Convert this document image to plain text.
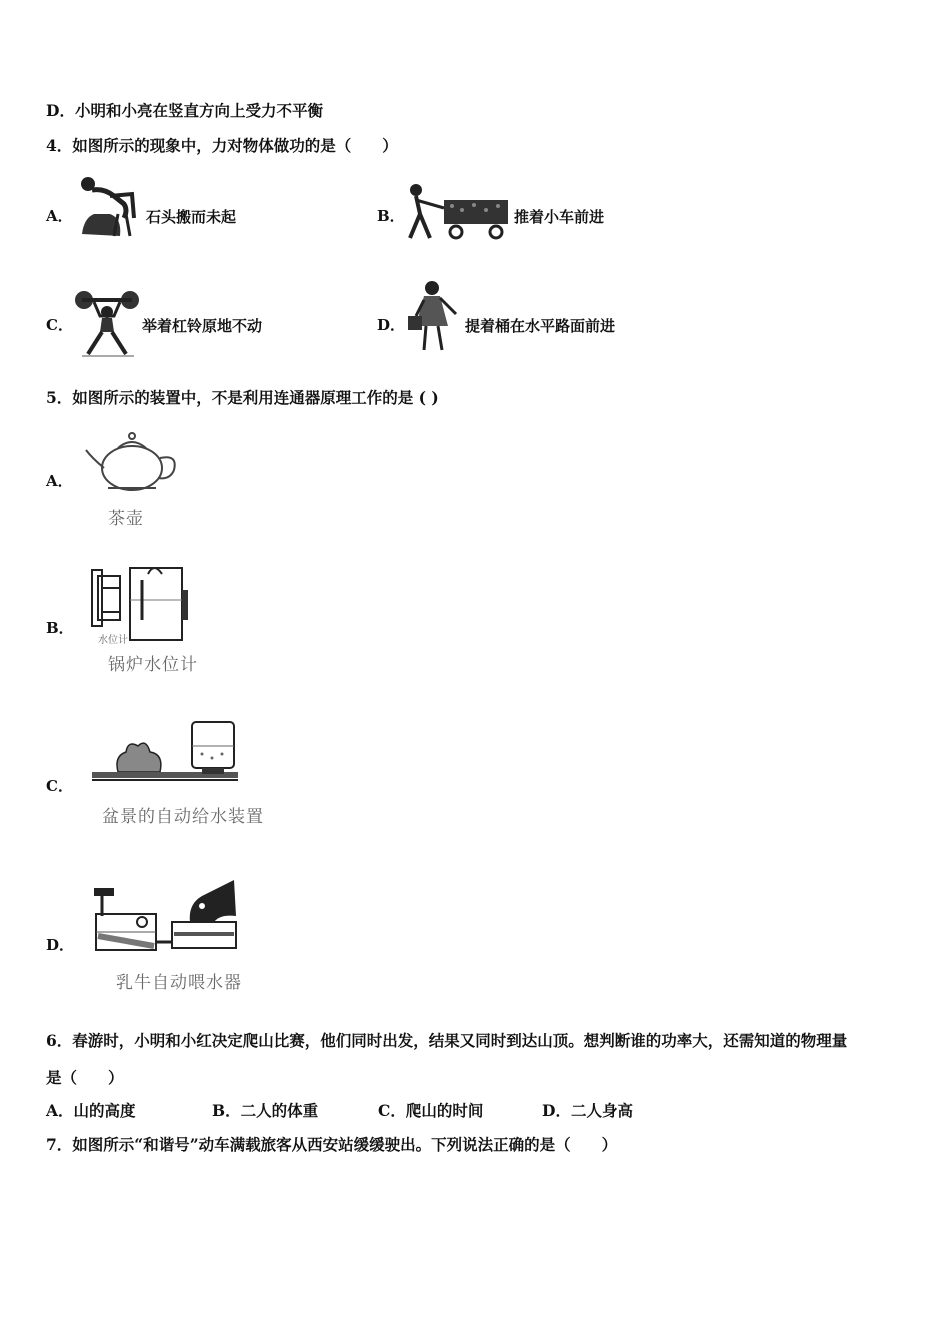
D．小明和小亮在竖直方向上受力不平衡
4．如图所示的现象中，力对物体做功的是（　　）
A．	石头搬而未起	B．	推着小车前进
C．	举着杠铃原地不动	D．	提着桶在水平路面前进
5．如图所示的装置中，不是利用连通器原理工作的是 ( )
A．
茶壶
B．
水位计
锅炉水位计
C．
盆景的自动给水装置
D．
乳牛自动喂水器
6．春游时，小明和小红决定爬山比赛，他们同时出发，结果又同时到达山顶。想判断谁的功率大，还需知道的物理量
是（　　）
A．山的高度	B．二人的体重	C．爬山的时间	D．二人身高
7．如图所示“和谐号”动车满载旅客从西安站缓缓驶出。下列说法正确的是（　　）
